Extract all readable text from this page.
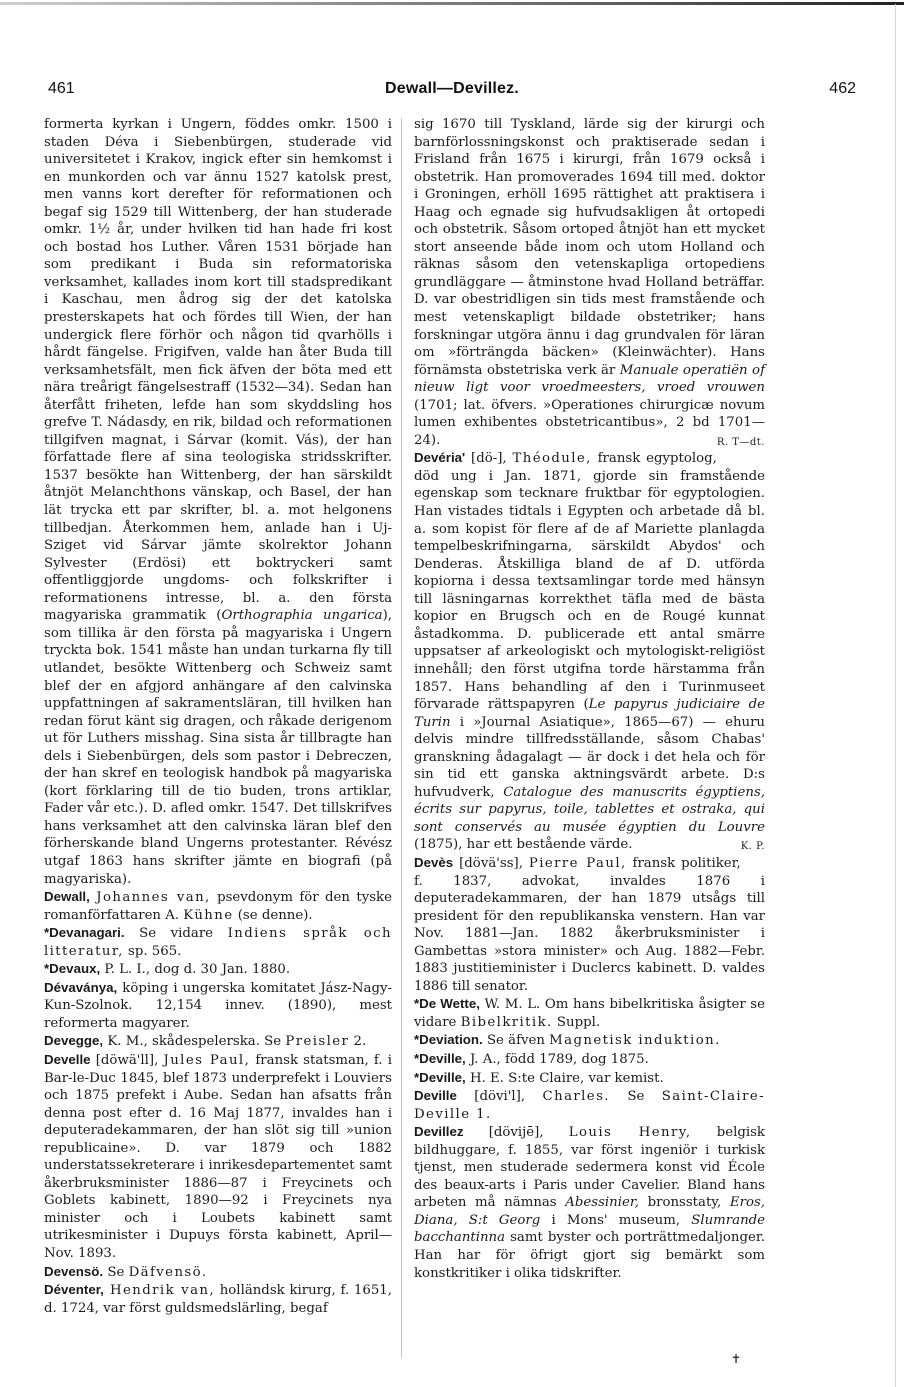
461	Dewall—Devillez.	462

formerta kyrkan i Ungern, föddes omkr. 1500 i staden Déva i Siebenbürgen, studerade vid universitetet i Krakov, ingick efter sin hemkomst i en munkorden och var ännu 1527 katolsk prest, men vanns kort derefter för reformationen och begaf sig 1529 till Wittenberg, der han studerade omkr. 1½ år, under hvilken tid han hade fri kost och bostad hos Luther. Våren 1531 började han som predikant i Buda sin reformatoriska verksamhet, kallades inom kort till stadspredikant i Kaschau, men ådrog sig der det katolska presterskapets hat och fördes till Wien, der han undergick flere förhör och någon tid qvarhölls i hårdt fängelse. Frigifven, valde han åter Buda till verksamhetsfält, men fick äfven der böta med ett nära treårigt fängelsestraff (1532—34). Sedan han återfått friheten, lefde han som skyddsling hos grefve T. Nádasdy, en rik, bildad och reformationen tillgifven magnat, i Sárvar (komit. Vás), der han författade flere af sina teologiska stridsskrifter. 1537 besökte han Wittenberg, der han särskildt åtnjöt Melanchthons vänskap, och Basel, der han lät trycka ett par skrifter, bl. a. mot helgonens tillbedjan. Återkommen hem, anlade han i Uj-Sziget vid Sárvar jämte skolrektor Johann Sylvester (Erdösi) ett boktryckeri samt offentliggjorde ungdoms- och folkskrifter i reformationens intresse, bl. a. den första magyariska grammatik (Orthographia ungarica), som tillika är den första på magyariska i Ungern tryckta bok. 1541 måste han undan turkarna fly till utlandet, besökte Wittenberg och Schweiz samt blef der en afgjord anhängare af den calvinska uppfattningen af sakramentsläran, till hvilken han redan förut känt sig dragen, och råkade derigenom ut för Luthers misshag. Sina sista år tillbragte han dels i Siebenbürgen, dels som pastor i Debreczen, der han skref en teologisk handbok på magyariska (kort förklaring till de tio buden, trons artiklar, Fader vår etc.). D. afled omkr. 1547. Det tillskrifves hans verksamhet att den calvinska läran blef den förherskande bland Ungerns protestanter. Révész utgaf 1863 hans skrifter jämte en biografi (på magyariska).

Dewall, Johannes van, psevdonym för den tyske romanförfattaren A. Kühne (se denne).

*Devanagari. Se vidare Indiens språk och litteratur, sp. 565.

*Devaux, P. L. I., dog d. 30 Jan. 1880.

Dévaványa, köping i ungerska komitatet Jász-Nagy-Kun-Szolnok. 12,154 innev. (1890), mest reformerta magyarer.

Devegge, K. M., skådespelerska. Se Preisler 2.

Develle [döwä'll], Jules Paul, fransk statsman, f. i Bar-le-Duc 1845, blef 1873 underprefekt i Louviers och 1875 prefekt i Aube. Sedan han afsatts från denna post efter d. 16 Maj 1877, invaldes han i deputeradekammaren, der han slöt sig till »union republicaine». D. var 1879 och 1882 understatssekreterare i inrikesdepartementet samt åkerbruksminister 1886—87 i Freycinets och Goblets kabinett, 1890—92 i Freycinets nya minister och i Loubets kabinett samt utrikesminister i Dupuys första kabinett, April—Nov. 1893.

Devensö. Se Däfvensö.

Déventer, Hendrik van, holländsk kirurg, f. 1651, d. 1724, var först guldsmedslärling, begaf

sig 1670 till Tyskland, lärde sig der kirurgi och barnförlossningskonst och praktiserade sedan i Frisland från 1675 i kirurgi, från 1679 också i obstetrik. Han promoverades 1694 till med. doktor i Groningen, erhöll 1695 rättighet att praktisera i Haag och egnade sig hufvudsakligen åt ortopedi och obstetrik. Såsom ortoped åtnjöt han ett mycket stort anseende både inom och utom Holland och räknas såsom den vetenskapliga ortopediens grundläggare — åtminstone hvad Holland beträffar. D. var obestridligen sin tids mest framstående och mest vetenskapligt bildade obstetriker; hans forskningar utgöra ännu i dag grundvalen för läran om »förträngda bäcken» (Kleinwächter). Hans förnämsta obstetriska verk är Manuale operatiën of nieuw ligt voor vroedmeesters, vroed vrouwen (1701; lat. öfvers. »Operationes chirurgicæ novum lumen exhibentes obstetricantibus», 2 bd 1701—24).	R. T—dt.

Devéria' [dö-], Théodule, fransk egyptolog, död ung i Jan. 1871, gjorde sin framstående egenskap som tecknare fruktbar för egyptologien. Han vistades tidtals i Egypten och arbetade då bl. a. som kopist för flere af de af Mariette planlagda tempelbeskrifningarna, särskildt Abydos' och Denderas. Åtskilliga bland de af D. utförda kopiorna i dessa textsamlingar torde med hänsyn till läsningarnas korrekthet täfla med de bästa kopior en Brugsch och en de Rougé kunnat åstadkomma. D. publicerade ett antal smärre uppsatser af arkeologiskt och mytologiskt-religiöst innehåll; den först utgifna torde härstamma från 1857. Hans behandling af den i Turinmuseet förvarade rättspapyren (Le papyrus judiciaire de Turin i »Journal Asiatique», 1865—67) — ehuru delvis mindre tillfredsställande, såsom Chabas' granskning ådagalagt — är dock i det hela och för sin tid ett ganska aktningsvärdt arbete. D:s hufvudverk, Catalogue des manuscrits égyptiens, écrits sur papyrus, toile, tablettes et ostraka, qui sont conservés au musée égyptien du Louvre (1875), har ett bestående värde.	K. P.

Devès [dövä'ss], Pierre Paul, fransk politiker, f. 1837, advokat, invaldes 1876 i deputeradekammaren, der han 1879 utsågs till president för den republikanska venstern. Han var Nov. 1881—Jan. 1882 åkerbruksminister i Gambettas »stora minister» och Aug. 1882—Febr. 1883 justitieminister i Duclercs kabinett. D. valdes 1886 till senator.

*De Wette, W. M. L. Om hans bibelkritiska åsigter se vidare Bibelkritik. Suppl.

*Deviation. Se äfven Magnetisk induktion.

*Deville, J. A., född 1789, dog 1875.

*Deville, H. E. S:te Claire, var kemist.

Deville [dövi'l], Charles. Se Saint-Claire-Deville 1.

Devillez [dövijē], Louis Henry, belgisk bildhuggare, f. 1855, var först ingeniör i turkisk tjenst, men studerade sedermera konst vid École des beaux-arts i Paris under Cavelier. Bland hans arbeten må nämnas Abessinier, bronsstaty, Eros, Diana, S:t Georg i Mons' museum, Slumrande bacchantinna samt byster och porträttmedaljonger. Han har för öfrigt gjort sig bemärkt som konstkritiker i olika tidskrifter.

✝
